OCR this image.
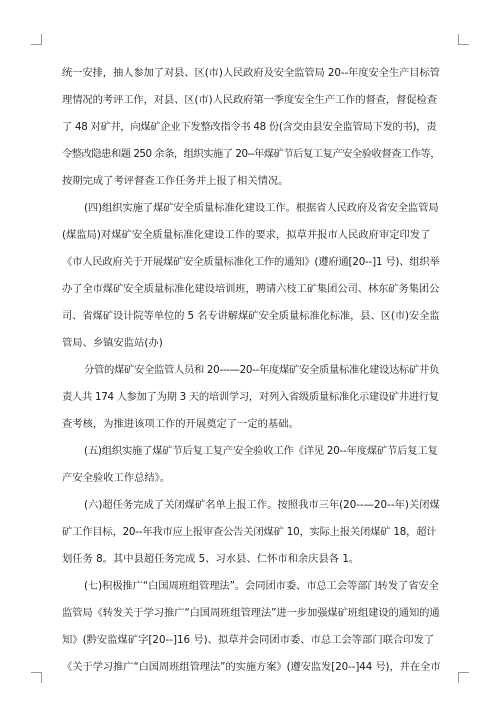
统一安排，抽人参加了对县、区(市)人民政府及安全监管局 20--年度安全生产目标管
理情况的考评工作，对县、区(市)人民政府第一季度安全生产工作的督查，督促检查
了 48 对矿井，向煤矿企业下发整改指令书 48 份(含交由县安全监管局下发的书)，责
令整改隐患和题 250 余条，组织实施了 20--年煤矿节后复工复产安全验收督查工作等，
按期完成了考评督查工作任务并上报了相关情况。
(四)组织实施了煤矿安全质量标准化建设工作。根据省人民政府及省安全监管局
(煤监局)对煤矿安全质量标准化建设工作的要求，拟草并报市人民政府审定印发了
《市人民政府关于开展煤矿安全质量标准化工作的通知》(遵府通[20--]1 号)、组织举
办了全市煤矿安全质量标准化建设培训班，聘请六枝工矿集团公司、林东矿务集团公
司、省煤矿设计院等单位的 5 名专讲解煤矿安全质量标准化标准，县、区(市)安全监
管局、乡镇安监站(办)
分管的煤矿安全监管人员和 20---—20--年度煤矿安全质量标准化建设达标矿井负
责人共 174 人参加了为期 3 天的培训学习，对列入省级质量标准化示建设矿井进行复
查考核，为推进该项工作的开展奠定了一定的基础。
(五)组织实施了煤矿节后复工复产安全验收工作《详见 20--年度煤矿节后复工复
产安全验收工作总结》。
(六)超任务完成了关闭煤矿名单上报工作。按照我市三年(20--—20--年)关闭煤
矿工作目标，20--年我市应上报审查公告关闭煤矿 10，实际上报关闭煤矿 18，超计
划任务 8。其中县超任务完成 5、习水县、仁怀市和余庆县各 1。
(七)积极推广“白国周班组管理法”。会同团市委、市总工会等部门转发了省安全
监管局《转发关于学习推广“白国周班组管理法”进一步加强煤矿班组建设的通知的通
知》(黔安监煤矿字[20--]16 号)、拟草并会同团市委、市总工会等部门联合印发了
《关于学习推广“白国周班组管理法”的实施方案》(遵安监发[20--]44 号)，并在全市
